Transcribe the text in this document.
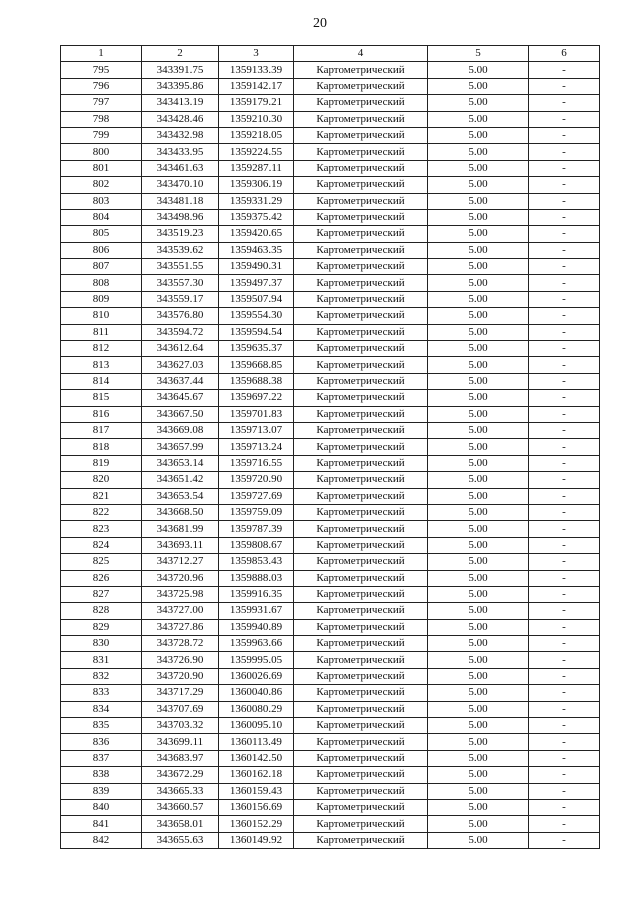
20
1	2	3	4	5	6
795	343391.75	1359133.39	Картометрический	5.00	-
796	343395.86	1359142.17	Картометрический	5.00	-
797	343413.19	1359179.21	Картометрический	5.00	-
798	343428.46	1359210.30	Картометрический	5.00	-
799	343432.98	1359218.05	Картометрический	5.00	-
800	343433.95	1359224.55	Картометрический	5.00	-
801	343461.63	1359287.11	Картометрический	5.00	-
802	343470.10	1359306.19	Картометрический	5.00	-
803	343481.18	1359331.29	Картометрический	5.00	-
804	343498.96	1359375.42	Картометрический	5.00	-
805	343519.23	1359420.65	Картометрический	5.00	-
806	343539.62	1359463.35	Картометрический	5.00	-
807	343551.55	1359490.31	Картометрический	5.00	-
808	343557.30	1359497.37	Картометрический	5.00	-
809	343559.17	1359507.94	Картометрический	5.00	-
810	343576.80	1359554.30	Картометрический	5.00	-
811	343594.72	1359594.54	Картометрический	5.00	-
812	343612.64	1359635.37	Картометрический	5.00	-
813	343627.03	1359668.85	Картометрический	5.00	-
814	343637.44	1359688.38	Картометрический	5.00	-
815	343645.67	1359697.22	Картометрический	5.00	-
816	343667.50	1359701.83	Картометрический	5.00	-
817	343669.08	1359713.07	Картометрический	5.00	-
818	343657.99	1359713.24	Картометрический	5.00	-
819	343653.14	1359716.55	Картометрический	5.00	-
820	343651.42	1359720.90	Картометрический	5.00	-
821	343653.54	1359727.69	Картометрический	5.00	-
822	343668.50	1359759.09	Картометрический	5.00	-
823	343681.99	1359787.39	Картометрический	5.00	-
824	343693.11	1359808.67	Картометрический	5.00	-
825	343712.27	1359853.43	Картометрический	5.00	-
826	343720.96	1359888.03	Картометрический	5.00	-
827	343725.98	1359916.35	Картометрический	5.00	-
828	343727.00	1359931.67	Картометрический	5.00	-
829	343727.86	1359940.89	Картометрический	5.00	-
830	343728.72	1359963.66	Картометрический	5.00	-
831	343726.90	1359995.05	Картометрический	5.00	-
832	343720.90	1360026.69	Картометрический	5.00	-
833	343717.29	1360040.86	Картометрический	5.00	-
834	343707.69	1360080.29	Картометрический	5.00	-
835	343703.32	1360095.10	Картометрический	5.00	-
836	343699.11	1360113.49	Картометрический	5.00	-
837	343683.97	1360142.50	Картометрический	5.00	-
838	343672.29	1360162.18	Картометрический	5.00	-
839	343665.33	1360159.43	Картометрический	5.00	-
840	343660.57	1360156.69	Картометрический	5.00	-
841	343658.01	1360152.29	Картометрический	5.00	-
842	343655.63	1360149.92	Картометрический	5.00	-
